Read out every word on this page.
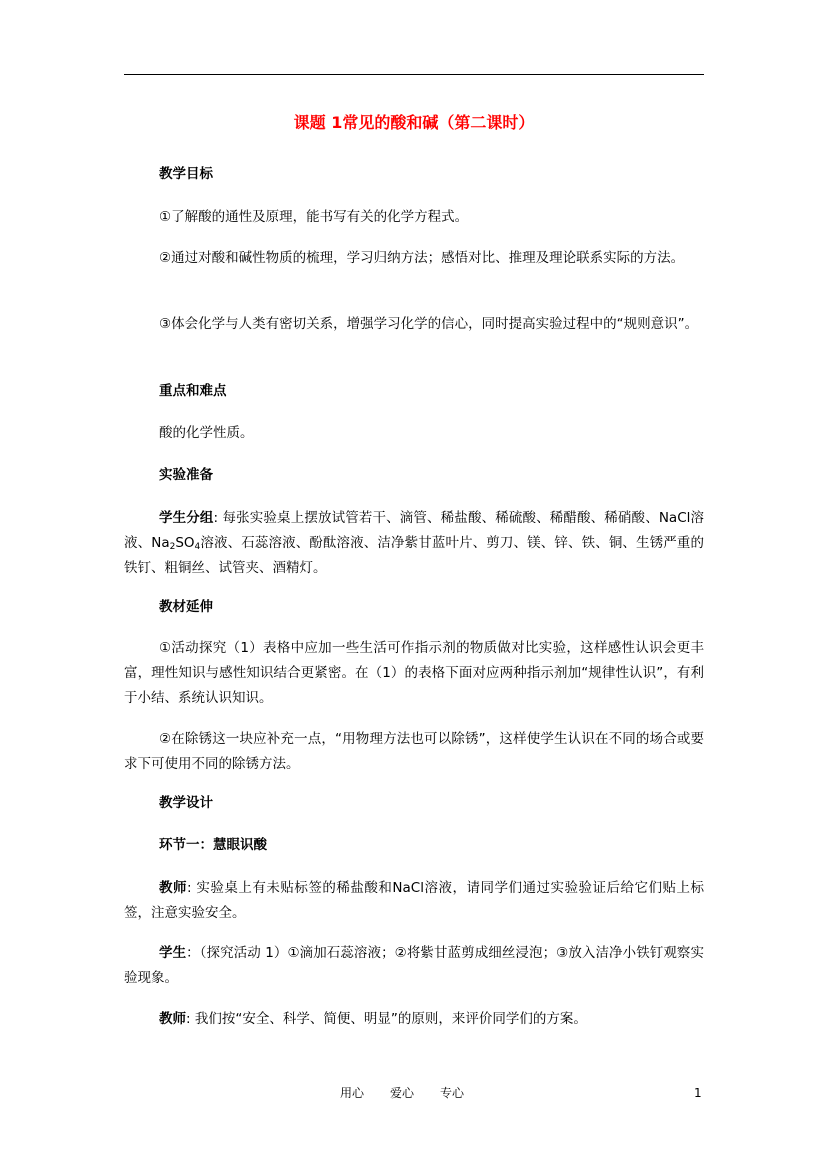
课题 1常见的酸和碱（第二课时）
教学目标
①了解酸的通性及原理，能书写有关的化学方程式。
②通过对酸和碱性物质的梳理，学习归纳方法；感悟对比、推理及理论联系实际的方法。
③体会化学与人类有密切关系，增强学习化学的信心，同时提高实验过程中的“规则意识”。
重点和难点
酸的化学性质。
实验准备
学生分组: 每张实验桌上摆放试管若干、滴管、稀盐酸、稀硫酸、稀醋酸、稀硝酸、NaCl溶液、$Na_2SO_4$溶液、石蕊溶液、酚酞溶液、洁净紫甘蓝叶片、剪刀、镁、锌、铁、铜、生锈严重的铁钉、粗铜丝、试管夹、酒精灯。
教材延伸
①活动探究（1）表格中应加一些生活可作指示剂的物质做对比实验，这样感性认识会更丰富，理性知识与感性知识结合更紧密。在（1）的表格下面对应两种指示剂加“规律性认识”，有利于小结、系统认识知识。
②在除锈这一块应补充一点，“用物理方法也可以除锈”，这样使学生认识在不同的场合或要求下可使用不同的除锈方法。
教学设计
环节一：慧眼识酸
教师: 实验桌上有未贴标签的稀盐酸和NaCl溶液，请同学们通过实验验证后给它们贴上标签，注意实验安全。
学生：（探究活动 1）①滴加石蕊溶液；②将紫甘蓝剪成细丝浸泡；③放入洁净小铁钉观察实验现象。
教师: 我们按“安全、科学、简便、明显”的原则，来评价同学们的方案。
用心 爱心 专心	1
